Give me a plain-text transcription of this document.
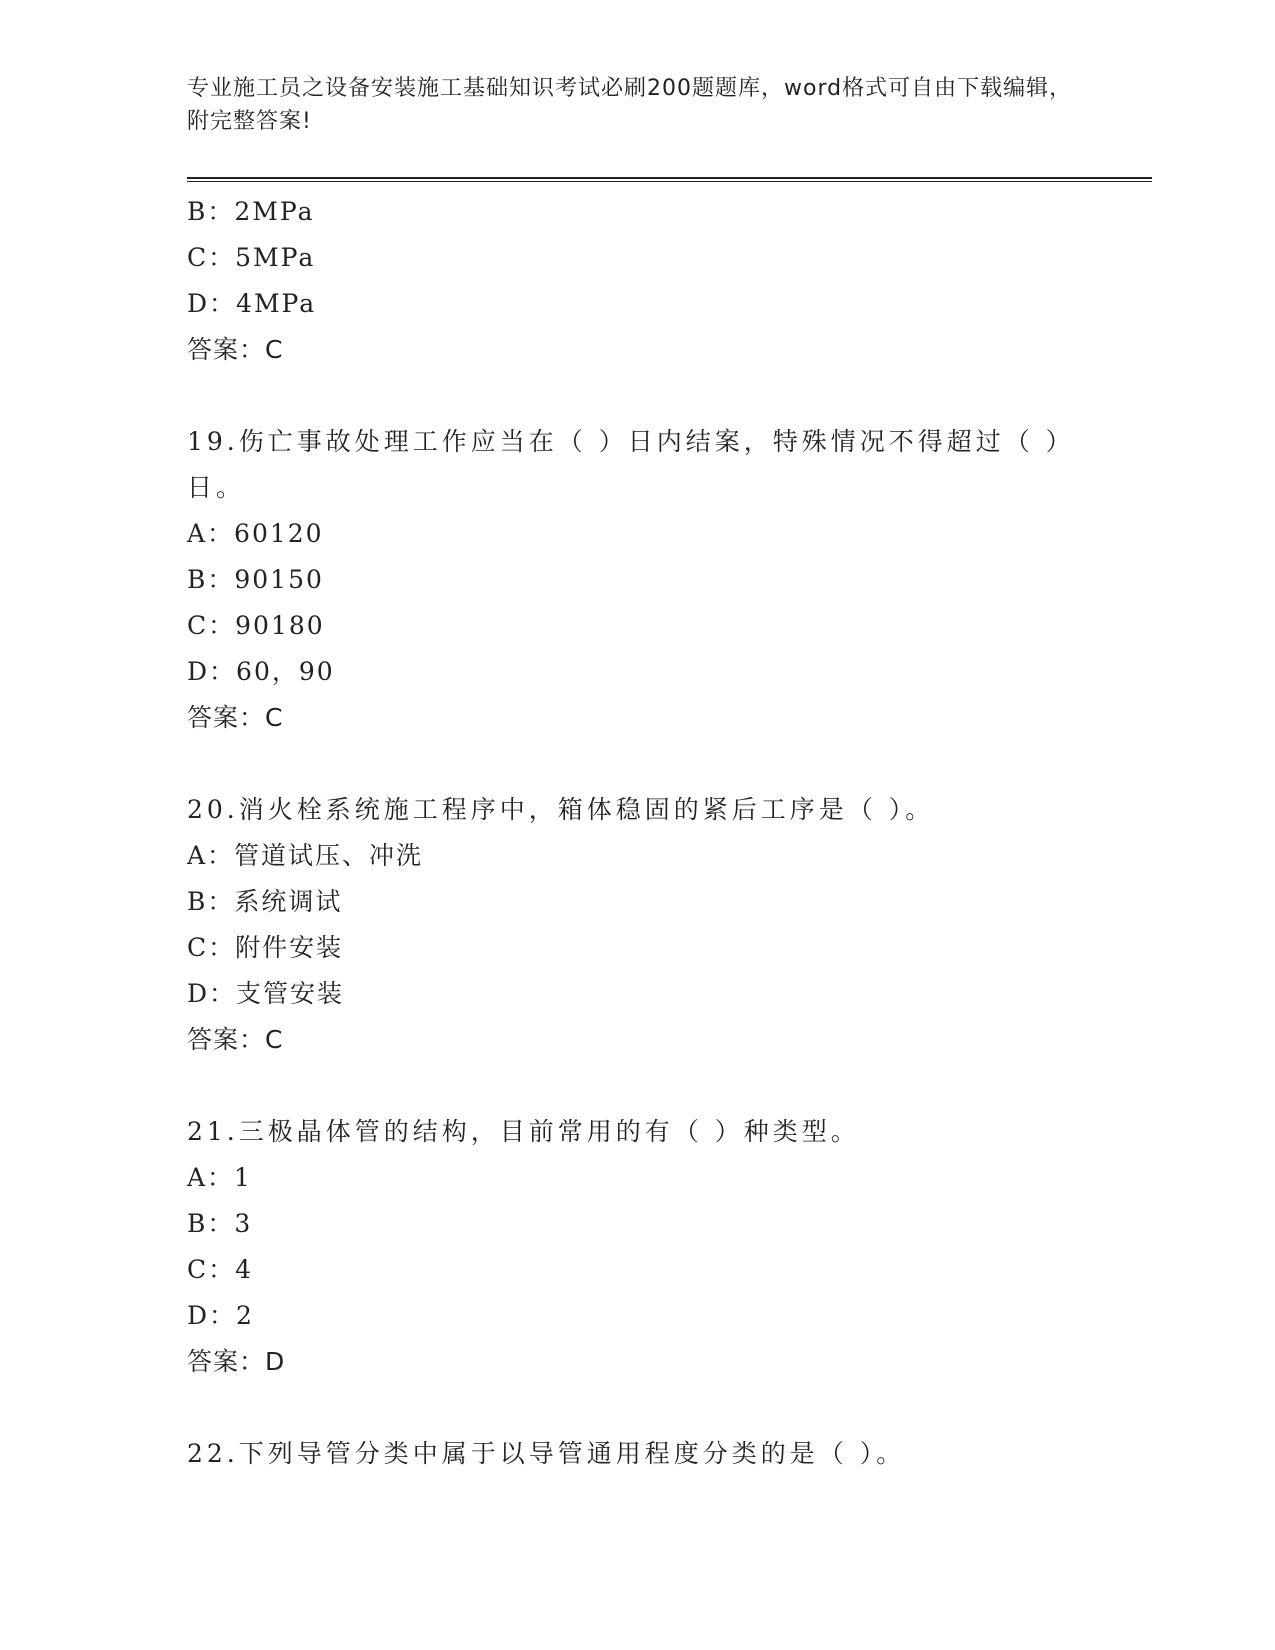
专业施工员之设备安装施工基础知识考试必刷200题题库，word格式可自由下载编辑，附完整答案!
B：2MPa
C：5MPa
D：4MPa
答案：C
19.伤亡事故处理工作应当在（ ）日内结案，特殊情况不得超过（ ）日。
A：60120
B：90150
C：90180
D：60，90
答案：C
20.消火栓系统施工程序中，箱体稳固的紧后工序是（ ）。
A：管道试压、冲洗
B：系统调试
C：附件安装
D：支管安装
答案：C
21.三极晶体管的结构，目前常用的有（ ）种类型。
A：1
B：3
C：4
D：2
答案：D
22.下列导管分类中属于以导管通用程度分类的是（ ）。
